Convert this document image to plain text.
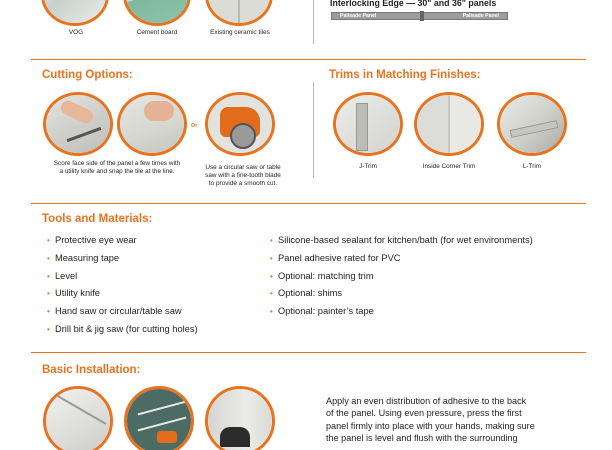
VOG	Cement board	Existing ceramic tiles
Interlocking Edge — 30" and 36" panels
Palisade Panel	Palisade Panel
Cutting Options:
Or
Score face side of the panel a few times with
a utility knife and snap the tile at the line.
Use a circular saw or table
saw with a fine-tooth blade
to provide a smooth cut.
Trims in Matching Finishes:
J-Trim	Inside Corner Trim	L-Trim
Tools and Materials:
• Protective eye wear
• Measuring tape
• Level
• Utility knife
• Hand saw or circular/table saw
• Drill bit & jig saw (for cutting holes)
• Silicone-based sealant for kitchen/bath (for wet environments)
• Panel adhesive rated for PVC
• Optional: matching trim
• Optional: shims
• Optional: painter’s tape
Basic Installation:
Apply an even distribution of adhesive to the back
of the panel. Using even pressure, press the first
panel firmly into place with your hands, making sure
the panel is level and flush with the surrounding
